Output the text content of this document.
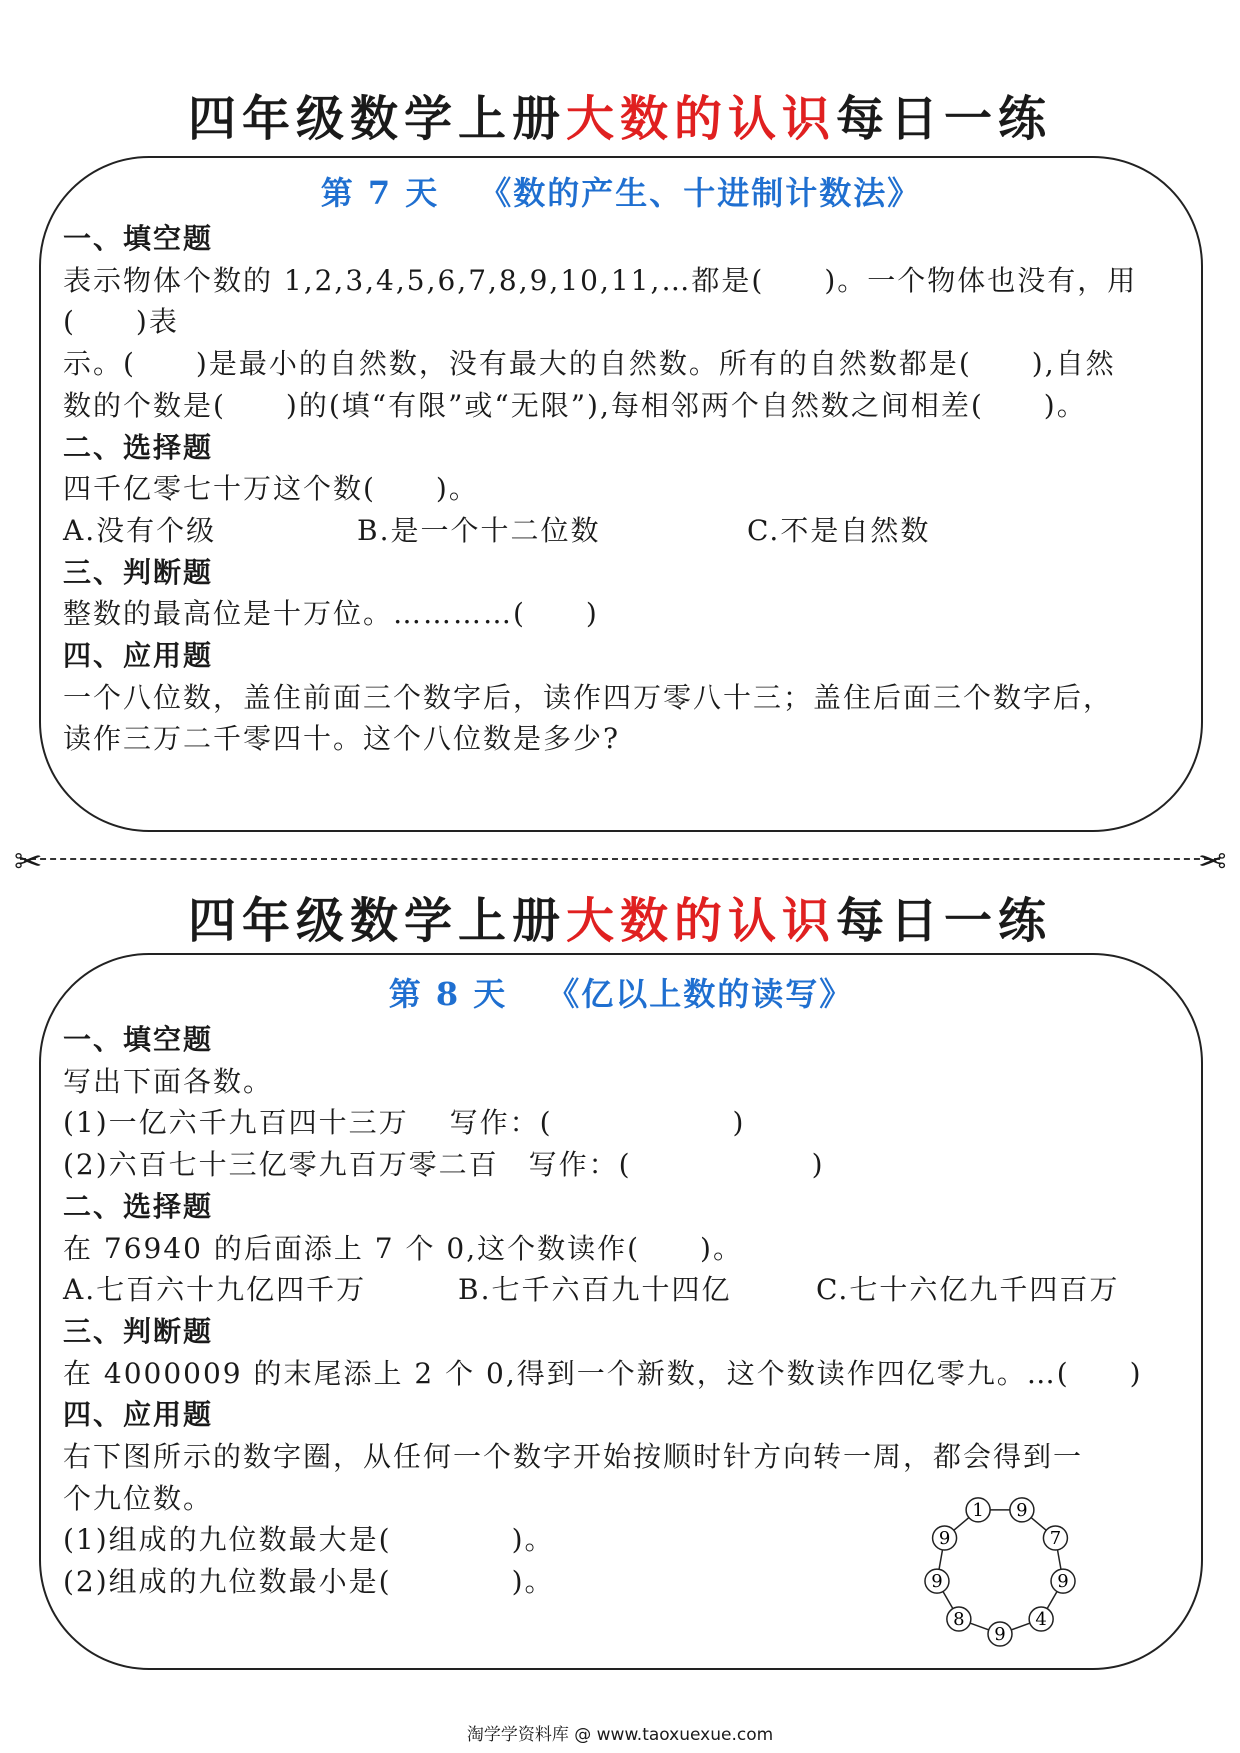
四年级数学上册大数的认识每日一练
第 7 天 《数的产生、十进制计数法》
一、填空题
表示物体个数的 1,2,3,4,5,6,7,8,9,10,11,…都是(　　)。一个物体也没有，用(　　)表
示。(　　)是最小的自然数，没有最大的自然数。所有的自然数都是(　　),自然
数的个数是(　　)的(填“有限”或“无限”),每相邻两个自然数之间相差(　　)。
二、选择题
四千亿零七十万这个数(　　)。
A.没有个级	B.是一个十二位数	C.不是自然数
三、判断题
整数的最高位是十万位。…………(　　)
四、应用题
一个八位数，盖住前面三个数字后，读作四万零八十三；盖住后面三个数字后，
读作三万二千零四十。这个八位数是多少?
✂	✂
四年级数学上册大数的认识每日一练
第 8 天 《亿以上数的读写》
一、填空题
写出下面各数。
(1)一亿六千九百四十三万　 写作：(　　　　　　)
(2)六百七十三亿零九百万零二百　写作：(　　　　　　)
二、选择题
在 76940 的后面添上 7 个 0,这个数读作(　　)。
A.七百六十九亿四千万	B.七千六百九十四亿	C.七十六亿九千四百万
三、判断题
在 4000009 的末尾添上 2 个 0,得到一个新数，这个数读作四亿零九。…(　　)
四、应用题
右下图所示的数字圈，从任何一个数字开始按顺时针方向转一周，都会得到一
个九位数。
(1)组成的九位数最大是(　　　　)。
(2)组成的九位数最小是(　　　　)。
1 9
7
9
4
9
8
9
9
淘学学资料库 @ www.taoxuexue.com
